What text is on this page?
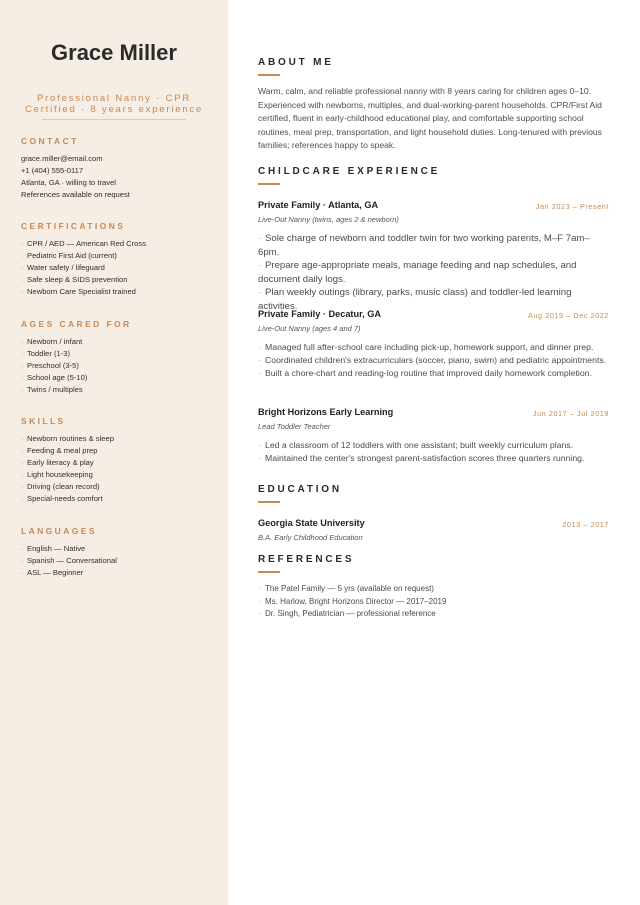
Grace Miller
Professional Nanny · CPR Certified · 8 years experience
CONTACT
grace.miller@email.com
+1 (404) 555-0117
Atlanta, GA · willing to travel
References available on request
CERTIFICATIONS
· CPR / AED — American Red Cross
· Pediatric First Aid (current)
· Water safety / lifeguard
· Safe sleep & SIDS prevention
· Newborn Care Specialist trained
AGES CARED FOR
· Newborn / infant
· Toddler (1-3)
· Preschool (3-5)
· School age (5-10)
· Twins / multiples
SKILLS
· Newborn routines & sleep
· Feeding & meal prep
· Early literacy & play
· Light housekeeping
· Driving (clean record)
· Special-needs comfort
LANGUAGES
· English — Native
· Spanish — Conversational
· ASL — Beginner
ABOUT ME

Warm, calm, and reliable professional nanny with 8 years caring for children ages 0–10. Experienced with newborns, multiples, and dual-working-parent households. CPR/First Aid certified, fluent in early-childhood educational play, and comfortable supporting school routines, meal prep, transportation, and light household duties. Long-tenured with previous families; references happy to speak.

CHILDCARE EXPERIENCE
Private Family · Atlanta, GA	Jan 2023 – Present
Live-Out Nanny (twins, ages 2 & newborn)
· Sole charge of newborn and toddler twin for two working parents, M–F 7am–6pm.
· Prepare age-appropriate meals, manage feeding and nap schedules, and document daily logs.
· Plan weekly outings (library, parks, music class) and toddler-led learning activities.
Private Family · Decatur, GA	Aug 2019 – Dec 2022
Live-Out Nanny (ages 4 and 7)
· Managed full after-school care including pick-up, homework support, and dinner prep.
· Coordinated children's extracurriculars (soccer, piano, swim) and pediatric appointments.
· Built a chore-chart and reading-log routine that improved daily homework completion.
Bright Horizons Early Learning	Jun 2017 – Jul 2019
Lead Toddler Teacher
· Led a classroom of 12 toddlers with one assistant; built weekly curriculum plans.
· Maintained the center's strongest parent-satisfaction scores three quarters running.
EDUCATION
Georgia State University	2013 – 2017
B.A. Early Childhood Education
REFERENCES
· The Patel Family — 5 yrs (available on request)
· Ms. Harlow, Bright Horizons Director — 2017–2019
· Dr. Singh, Pediatrician — professional reference
